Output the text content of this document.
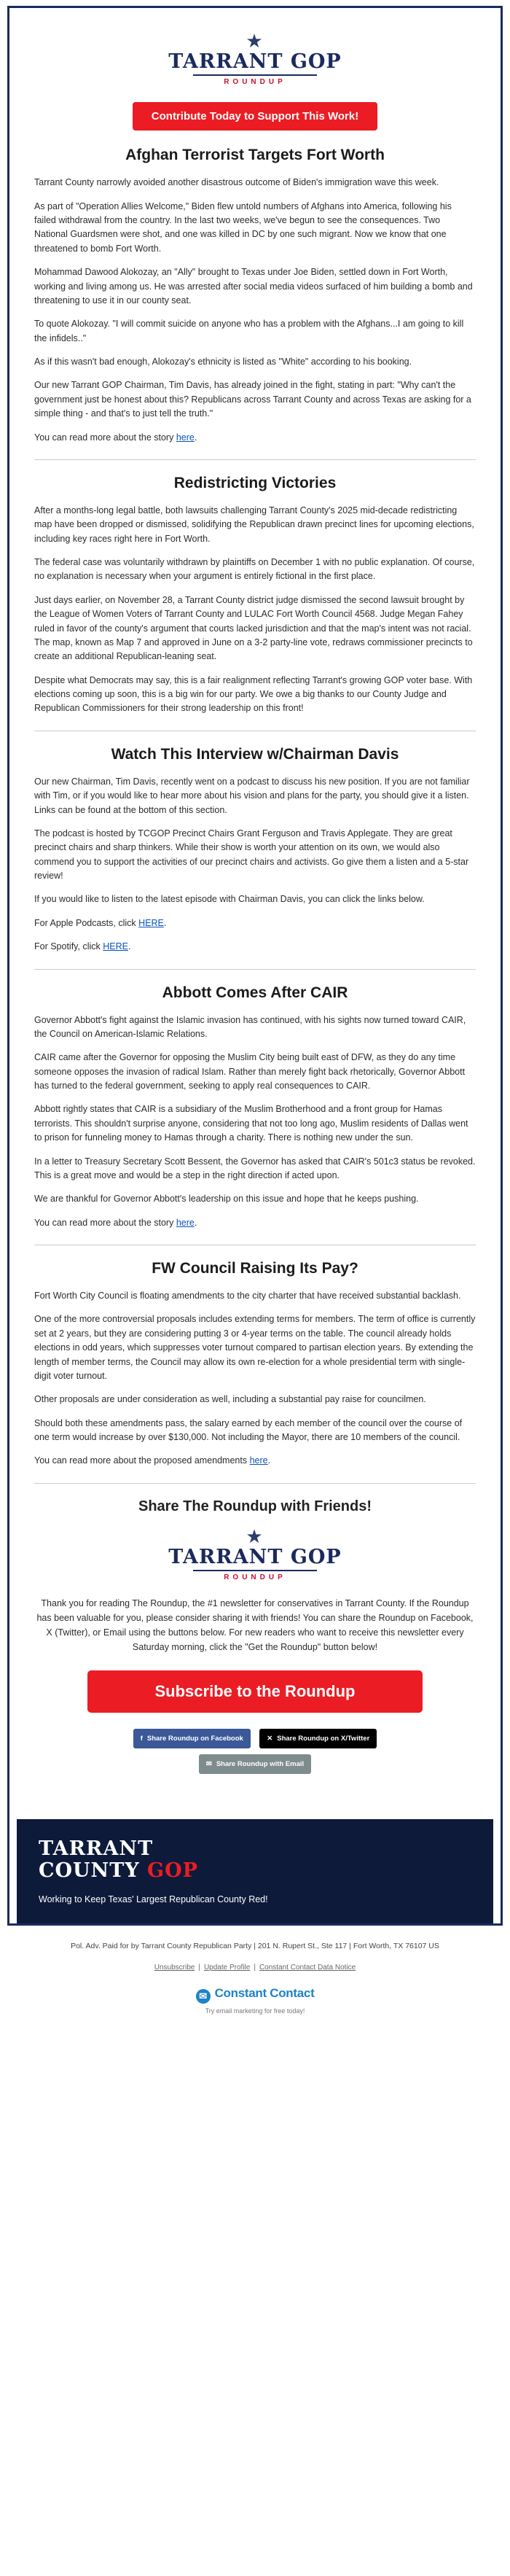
★
TARRANT GOP
ROUNDUP
Contribute Today to Support This Work!
Afghan Terrorist Targets Fort Worth

Tarrant County narrowly avoided another disastrous outcome of Biden's immigration wave this week.

As part of "Operation Allies Welcome," Biden flew untold numbers of Afghans into America, following his failed withdrawal from the country. In the last two weeks, we've begun to see the consequences. Two National Guardsmen were shot, and one was killed in DC by one such migrant. Now we know that one threatened to bomb Fort Worth.

Mohammad Dawood Alokozay, an "Ally" brought to Texas under Joe Biden, settled down in Fort Worth, working and living among us. He was arrested after social media videos surfaced of him building a bomb and threatening to use it in our county seat.

To quote Alokozay. "I will commit suicide on anyone who has a problem with the Afghans...I am going to kill the infidels.."

As if this wasn't bad enough, Alokozay's ethnicity is listed as "White" according to his booking.

Our new Tarrant GOP Chairman, Tim Davis, has already joined in the fight, stating in part: "Why can't the government just be honest about this? Republicans across Tarrant County and across Texas are asking for a simple thing - and that's to just tell the truth."

You can read more about the story here.

Redistricting Victories

After a months-long legal battle, both lawsuits challenging Tarrant County's 2025 mid-decade redistricting map have been dropped or dismissed, solidifying the Republican drawn precinct lines for upcoming elections, including key races right here in Fort Worth.

The federal case was voluntarily withdrawn by plaintiffs on December 1 with no public explanation. Of course, no explanation is necessary when your argument is entirely fictional in the first place.

Just days earlier, on November 28, a Tarrant County district judge dismissed the second lawsuit brought by the League of Women Voters of Tarrant County and LULAC Fort Worth Council 4568. Judge Megan Fahey ruled in favor of the county's argument that courts lacked jurisdiction and that the map's intent was not racial. The map, known as Map 7 and approved in June on a 3-2 party-line vote, redraws commissioner precincts to create an additional Republican-leaning seat.

Despite what Democrats may say, this is a fair realignment reflecting Tarrant's growing GOP voter base. With elections coming up soon, this is a big win for our party. We owe a big thanks to our County Judge and Republican Commissioners for their strong leadership on this front!

Watch This Interview w/Chairman Davis

Our new Chairman, Tim Davis, recently went on a podcast to discuss his new position. If you are not familiar with Tim, or if you would like to hear more about his vision and plans for the party, you should give it a listen. Links can be found at the bottom of this section.

The podcast is hosted by TCGOP Precinct Chairs Grant Ferguson and Travis Applegate. They are great precinct chairs and sharp thinkers. While their show is worth your attention on its own, we would also commend you to support the activities of our precinct chairs and activists. Go give them a listen and a 5-star review!

If you would like to listen to the latest episode with Chairman Davis, you can click the links below.

For Apple Podcasts, click HERE.

For Spotify, click HERE.

Abbott Comes After CAIR

Governor Abbott's fight against the Islamic invasion has continued, with his sights now turned toward CAIR, the Council on American-Islamic Relations.

CAIR came after the Governor for opposing the Muslim City being built east of DFW, as they do any time someone opposes the invasion of radical Islam. Rather than merely fight back rhetorically, Governor Abbott has turned to the federal government, seeking to apply real consequences to CAIR.

Abbott rightly states that CAIR is a subsidiary of the Muslim Brotherhood and a front group for Hamas terrorists. This shouldn't surprise anyone, considering that not too long ago, Muslim residents of Dallas went to prison for funneling money to Hamas through a charity. There is nothing new under the sun.

In a letter to Treasury Secretary Scott Bessent, the Governor has asked that CAIR's 501c3 status be revoked. This is a great move and would be a step in the right direction if acted upon.

We are thankful for Governor Abbott's leadership on this issue and hope that he keeps pushing.

You can read more about the story here.

FW Council Raising Its Pay?

Fort Worth City Council is floating amendments to the city charter that have received substantial backlash.

One of the more controversial proposals includes extending terms for members. The term of office is currently set at 2 years, but they are considering putting 3 or 4-year terms on the table. The council already holds elections in odd years, which suppresses voter turnout compared to partisan election years. By extending the length of member terms, the Council may allow its own re-election for a whole presidential term with single-digit voter turnout.

Other proposals are under consideration as well, including a substantial pay raise for councilmen.

Should both these amendments pass, the salary earned by each member of the council over the course of one term would increase by over $130,000. Not including the Mayor, there are 10 members of the council.

You can read more about the proposed amendments here.

Share The Roundup with Friends!
★
TARRANT GOP
ROUNDUP

Thank you for reading The Roundup, the #1 newsletter for conservatives in Tarrant County. If the Roundup has been valuable for you, please consider sharing it with friends! You can share the Roundup on Facebook, X (Twitter), or Email using the buttons below. For new readers who want to receive this newsletter every Saturday morning, click the "Get the Roundup" button below!

Subscribe to the Roundup
f Share Roundup on Facebook	✕ Share Roundup on X/Twitter
✉ Share Roundup with Email
TARRANT
COUNTY GOP
Working to Keep Texas' Largest Republican County Red!
Pol. Adv. Paid for by Tarrant County Republican Party | 201 N. Rupert St., Ste 117 | Fort Worth, TX 76107 US
Unsubscribe | Update Profile | Constant Contact Data Notice
✉ Constant Contact
Try email marketing for free today!
